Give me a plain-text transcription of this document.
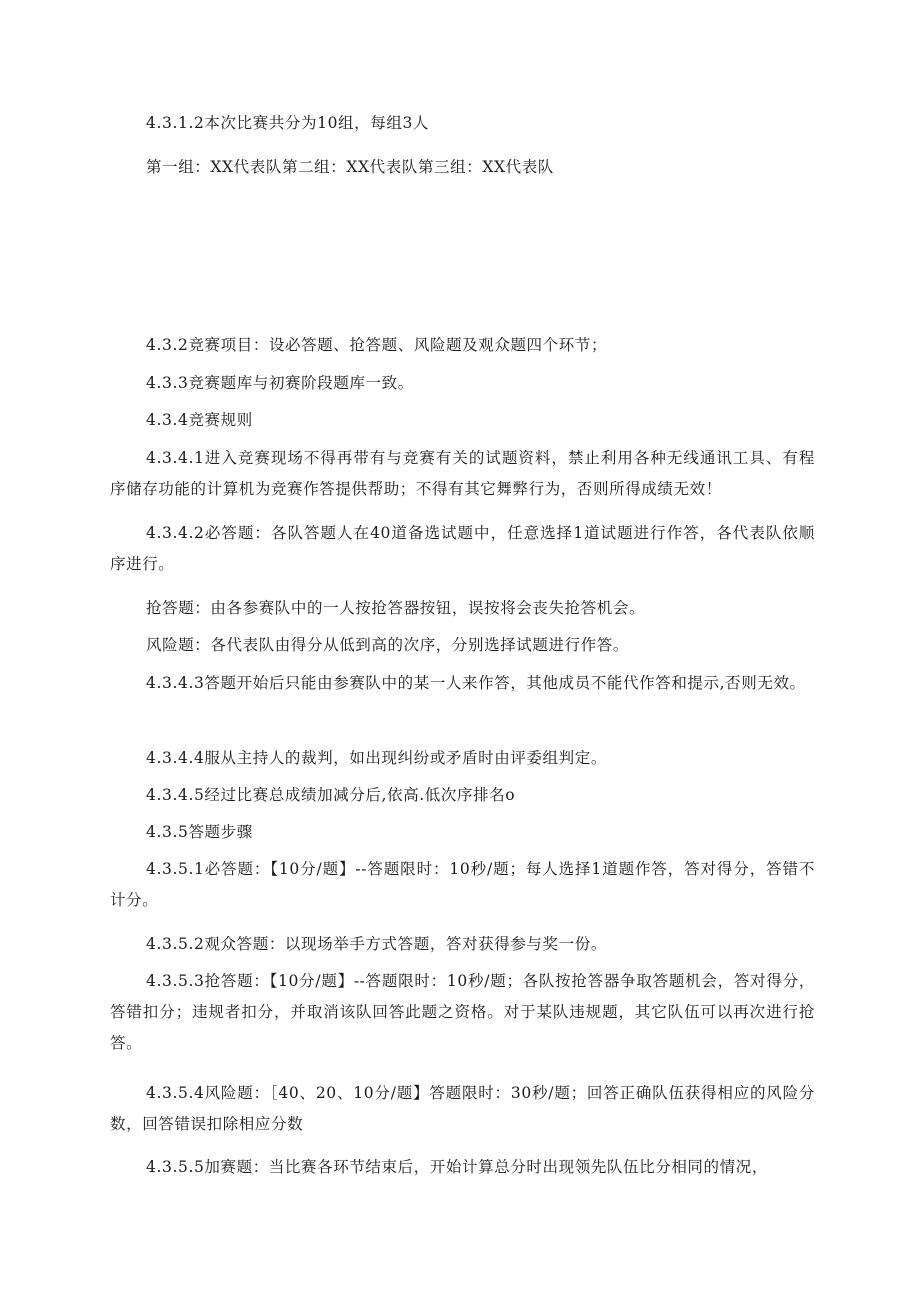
4.3.1.2本次比赛共分为10组，每组3人

第一组：XX代表队第二组：XX代表队第三组：XX代表队

4.3.2竞赛项目：设必答题、抢答题、风险题及观众题四个环节；

4.3.3竞赛题库与初赛阶段题库一致。

4.3.4竞赛规则

4.3.4.1进入竞赛现场不得再带有与竞赛有关的试题资料，禁止利用各种无线通讯工具、有程序储存功能的计算机为竞赛作答提供帮助；不得有其它舞弊行为，否则所得成绩无效！

4.3.4.2必答题：各队答题人在40道备选试题中，任意选择1道试题进行作答，各代表队依顺序进行。

抢答题：由各参赛队中的一人按抢答器按钮，误按将会丧失抢答机会。

风险题：各代表队由得分从低到高的次序，分别选择试题进行作答。

4.3.4.3答题开始后只能由参赛队中的某一人来作答，其他成员不能代作答和提示,否则无效。

4.3.4.4服从主持人的裁判，如出现纠纷或矛盾时由评委组判定。

4.3.4.5经过比赛总成绩加减分后,依高.低次序排名o

4.3.5答题步骤

4.3.5.1必答题：【10分/题】--答题限时：10秒/题；每人选择1道题作答，答对得分，答错不计分。

4.3.5.2观众答题：以现场举手方式答题，答对获得参与奖一份。

4.3.5.3抢答题：【10分/题】--答题限时：10秒/题；各队按抢答器争取答题机会，答对得分，答错扣分；违规者扣分，并取消该队回答此题之资格。对于某队违规题，其它队伍可以再次进行抢答。

4.3.5.4风险题：［40、20、10分/题】答题限时：30秒/题；回答正确队伍获得相应的风险分数，回答错误扣除相应分数

4.3.5.5加赛题：当比赛各环节结束后，开始计算总分时出现领先队伍比分相同的情况，
